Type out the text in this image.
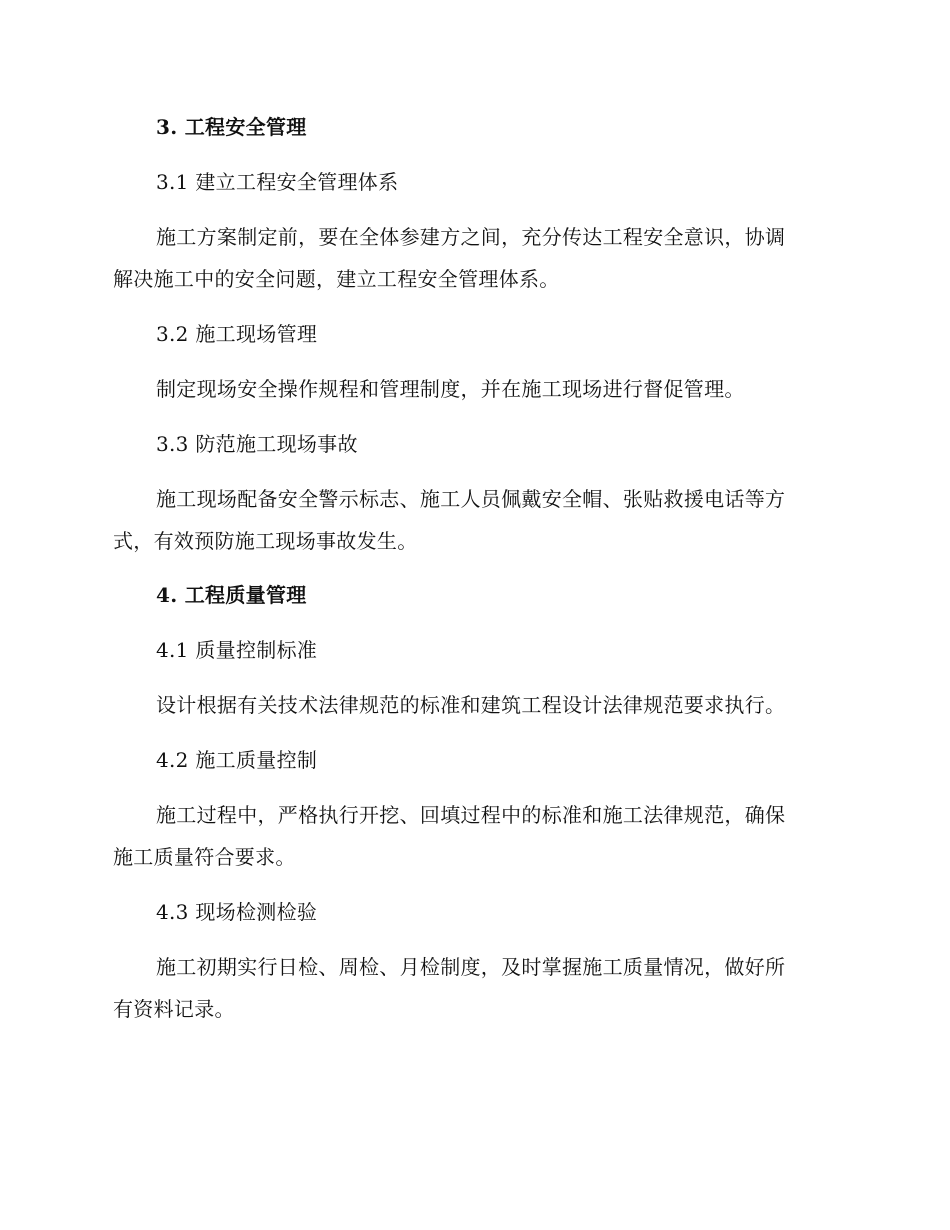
3. 工程安全管理
3.1 建立工程安全管理体系
施工方案制定前，要在全体参建方之间，充分传达工程安全意识，协调
解决施工中的安全问题，建立工程安全管理体系。
3.2 施工现场管理
制定现场安全操作规程和管理制度，并在施工现场进行督促管理。
3.3 防范施工现场事故
施工现场配备安全警示标志、施工人员佩戴安全帽、张贴救援电话等方
式，有效预防施工现场事故发生。
4. 工程质量管理
4.1 质量控制标准
设计根据有关技术法律规范的标准和建筑工程设计法律规范要求执行。
4.2 施工质量控制
施工过程中，严格执行开挖、回填过程中的标准和施工法律规范，确保
施工质量符合要求。
4.3 现场检测检验
施工初期实行日检、周检、月检制度，及时掌握施工质量情况，做好所
有资料记录。
